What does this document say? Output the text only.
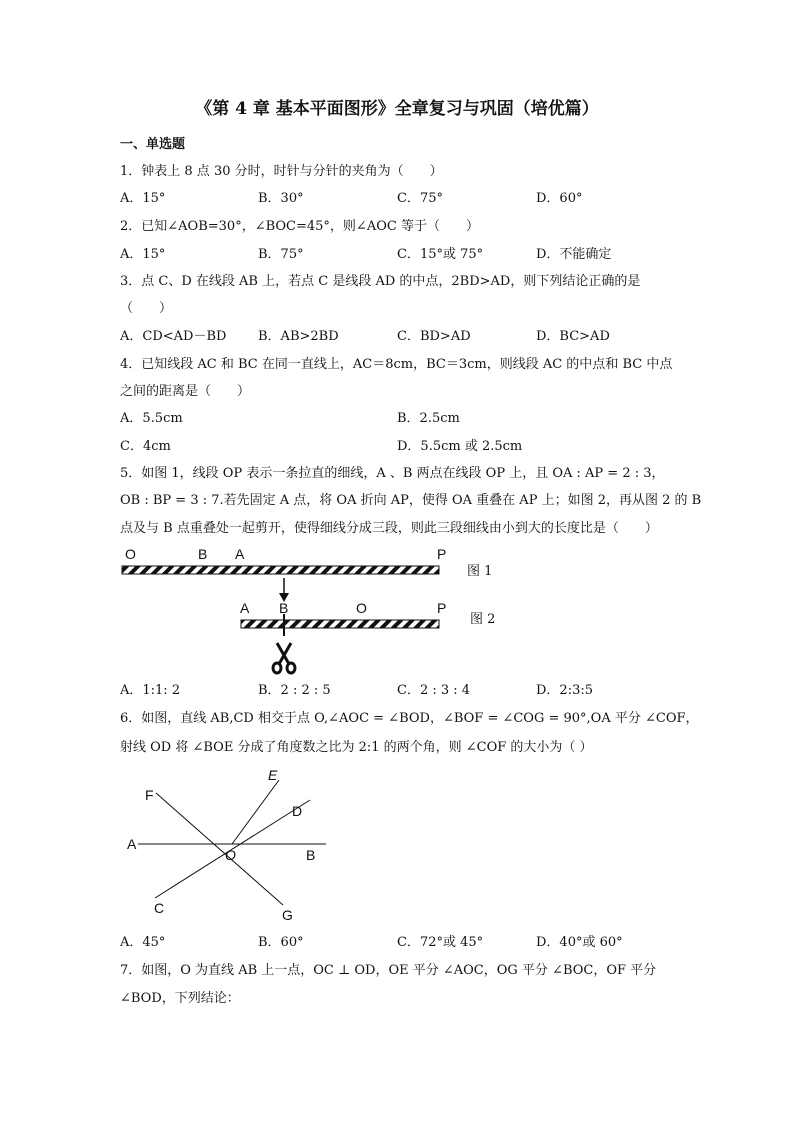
《第 4 章 基本平面图形》全章复习与巩固（培优篇）
一、单选题
1．钟表上 8 点 30 分时，时针与分针的夹角为（　　）
A．15°	B．30°	C．75°	D．60°
2．已知∠AOB=30°，∠BOC=45°，则∠AOC 等于（　　）
A．15°	B．75°	C．15°或 75°	D．不能确定
3．点 C、D 在线段 AB 上，若点 C 是线段 AD 的中点，2BD>AD，则下列结论正确的是
（　　）
A．CD<AD－BD B．AB>2BD	C．BD>AD	D．BC>AD
4．已知线段 AC 和 BC 在同一直线上，AC＝8cm，BC＝3cm，则线段 AC 的中点和 BC 中点
之间的距离是（　　）
A．5.5cm	B．2.5cm
C．4cm	D．5.5cm 或 2.5cm
5．如图 1，线段 OP 表示一条拉直的细线，A 、B 两点在线段 OP 上，且 OA : AP = 2 : 3，
OB : BP = 3 : 7.若先固定 A 点，将 OA 折向 AP，使得 OA 重叠在 AP 上；如图 2，再从图 2 的 B
点及与 B 点重叠处一起剪开，使得细线分成三段，则此三段细线由小到大的长度比是（　　）
O	B A	P
图 1
A B	O	P
图 2
A．1:1: 2	B．2 : 2 : 5	C．2 : 3 : 4	D．2:3:5
6．如图，直线 AB,CD 相交于点 O,∠AOC = ∠BOD，∠BOF = ∠COG = 90°,OA 平分 ∠COF，
射线 OD 将 ∠BOE 分成了角度数之比为 2:1 的两个角，则 ∠COF 的大小为（ ）
E
F
D
A
O	B
C	G
A．45°	B．60°	C．72°或 45°	D．40°或 60°
7．如图，O 为直线 AB 上一点，OC ⊥ OD，OE 平分 ∠AOC，OG 平分 ∠BOC，OF 平分
∠BOD，下列结论：
